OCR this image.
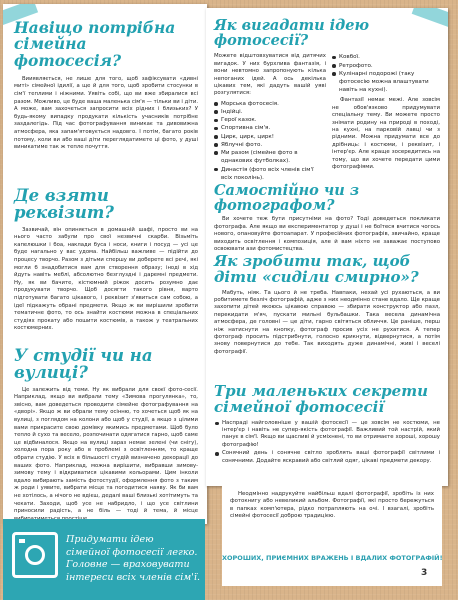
Навіщо потрібна сімейна фотосесія?

Вииявляється, не лише для того, щоб зафіксувати «дивні миті» сімейної ідилії, а ще й для того, щоб зробити стосунки в сім'ї теплими і ніжними. Уявіть собі, що ви вже збиралися всі разом. Можливо, це буде ваша маленька сім'я — тільки ви і діти. А може, вам захочеться запросити всіх рідних і близьких? У будь-якому випадку продукати кількість учасників потрібне заздалегідь. Під час фотографування виникає та дивовижна атмосфера, яка запам'ятовується надовго. І потім, багато років потому, коли ви або ваші діти переглядатимете ці фото, у душі виникатиме так ж тепле почуття.

Де взяти реквізит?

Зазвичай, він опиняється в домашній шафі, просто ви на нього часто забули про свої незвичні скарби. Візьміть капелюшки і боа, наклади буса і носи, книги і посуд — усі це буде нагально у вас удома. Найбільш важливе — підійти до процесу творчо. Разом з дітьми спершу ви доберете всі речі, які могли б знадобитися вам для створення образу; іноді в хід йдуть навіть меблі, абсолютно безглуздні і даремні предмети. Ну, як ви бачите, кістюмний ріжок досить розумно дає продукувати творчо. Щоб досягти такого рівня, варто підготувати багато цікавого, і реквізит з'явиться сам собою, а ідеї підкажуть обрані предмети. Якщо ж ви вирішили зробити тематичне фото, то ось знайти костюми можна в спеціальних студіях прокату або пошити костюмів, а також у театральних костюмерних.

У студії чи на вулиці?

Це залежить від теми. Ну як вибрали для своєї фото-сесії. Наприклад, якщо ви вибрали тему «Зимова прогулянка», то, звісно, вам доведеться проводити сімейне фотографування на «дворі». Якщо ж ви обрали тему осінню, то хочеться щоб як на вулиці, з поглядом на колони або щоб у студії, а якщо з цілими вами прикрасите свою домівку якимись предметами. Щоб було тепло й сухо та весело, розпочинати одягатися гарно, щоб саме це відбиналося. Якщо на вулиці зараз немає зелені (чи снігу), холодна пора року або в проблемі з освітленням, то краще обрати студію. У всіх в більшості студій визначено декорації до ваших фото. Наприклад, можна вирішити, вибравши зимову-зимову тему і відкриватися цікавими кольорами. Цим інколи вдало вибирають замість фотостудії, оформлення фото з таким ж роди і уявите, вибрати місце та погодитися наяву. Як би вам не хотілось, а нічого не вдієш, дедалі ваші близькі хотітимуть та чекати. Заходи, щоб усе не набридло, і що усе світлини приносили радість, а не біль — тоді й тема, й місце

Придумати ідею сімейної фотосесії легко. Головне — враховувати інтереси всіх членів сім'ї.
Як вигадати ідею фотосесії?
Можете відштовхуватися від дитячих вигадок. У них бурхлива фантазія, і вони невтомно запропонують кілька непоганих ідей. А ось декілька цікавих тем, які дадуть вашій уяві розгулятися:
Морська фотосесія.
Індійці.
Герої казок.
Спортивна сім'я.
Цирк, цирк, цирк!
Яблучні фото.
Ми разом (сімейне фото в однакових футболках).
Династія (фото всіх членів сім'ї всіх поколінь).
Ковбої.
Ретрофото.
Кулінарні подорожі (таку фотосесію можна влаштувати навіть на кухні).
Фантазії немає межі. Але зовсім не обов'язково придумувати спеціальну тему. Ви можете просто знімати родину на природі в поході, на кухні, на парковій лавці чи з рідними. Можна придумати все до дрібниць: і костюми, і реквізит, і інтер'єр. Але краще зосередитись на тому, що ви хочете передати цими фотографіями.
Самостійно чи з фотографом?

Ви хочете теж бути присутніми на фото? Тоді доведеться покликати фотографа. Але якщо ви експериментатор у душі і не боїтеся вчитися чогось нового, опановуйте фотоапарат. У професійних фотографів, звичайно, краще виходить освітлення і композиція, але й вам ніхто не заважає поступово освоювати ази фотомистецтва.

Як зробити так, щоб діти «сиділи смирно»?

Мабуть, ніяк. Та цього й не треба. Навпаки, нехай усі рухаються, а ви робитимете безліч фотографій, адже з них неодмінно стане вдало. Ще краще захопити дітей якоюсь цікавою справою — збирати конструктор або пазл, перекидати м'яч, пускати мильні бульбашки. Така весела динамічна атмосфера, де головні — це діти, гарно світяться обличчя. Це раніше, перш ніж натиснути на кнопку, фотограф просив усіх не рухатися. А тепер фотограф просить підстрибнути, голосно крикнути, відвернутися, а потім знову повернутися до тебе. Так виходять дуже динамічні, живі і веселі фотографії.

Три маленьких секрети сімейної фотосесії

Наспраді найголовніше у вашій фотосесії — це зовсім не костюми, не інтер'єр і навіть не супер-якість фотографії. Важливий той настрій, який панує в сім'ї. Якщо ви щасливі й усміхнені, то ви отримаєте хороші, хорошу фотографію!

Сонячний день і сонячне світло зроблять ваші фотографії світлими і сонячними. Додайте яскравий або світлий одяг, цікаві предмети декору.

Неодмінно надрукуйте найбільш вдалі фотографії, зробіть із них фотокнигу або невеликий альбом. Фотографії, які просто бережуться в папках комп'ютера, рідко потрапляють на очі. І взагалі, зробіть сімейні фотосесії доброю традицією.
ХОРОШИХ, ПРИЄМНИХ ВРАЖЕНЬ І ВДАЛИХ ФОТОГРАФІЙ!
3
